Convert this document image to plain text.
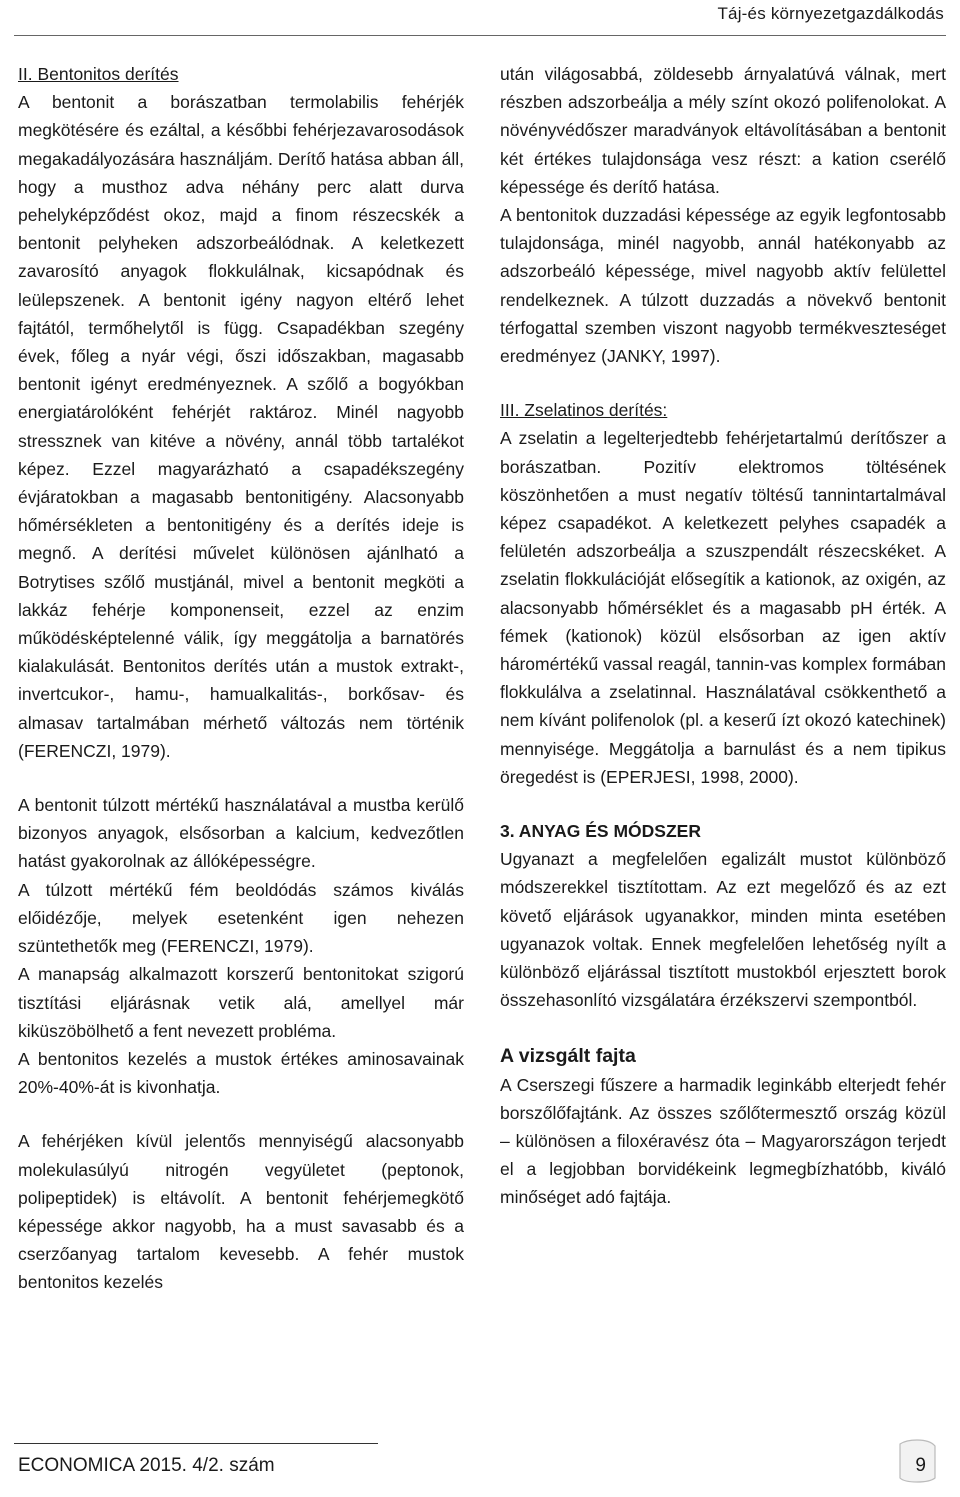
Táj-és környezetgazdálkodás

II. Bentonitos derítés

A bentonit a borászatban termolabilis fehérjék megkötésére és ezáltal, a későbbi fehérjezavarosodások megakadályozására használjám. Derítő hatása abban áll, hogy a musthoz adva néhány perc alatt durva pehelyképződést okoz, majd a finom részecskék a bentonit pelyheken adszorbeálódnak. A keletkezett zavarosító anyagok flokkulálnak, kicsapódnak és leülepszenek. A bentonit igény nagyon eltérő lehet fajtától, termőhelytől is függ. Csapadékban szegény évek, főleg a nyár végi, őszi időszakban, magasabb bentonit igényt eredményeznek. A szőlő a bogyókban energiatárolóként fehérjét raktároz. Minél nagyobb stressznek van kitéve a növény, annál több tartalékot képez. Ezzel magyarázható a csapadékszegény évjáratokban a magasabb bentonitigény. Alacsonyabb hőmérsékleten a bentonitigény és a derítés ideje is megnő. A derítési művelet különösen ajánlható a Botrytises szőlő mustjánál, mivel a bentonit megköti a lakkáz fehérje komponenseit, ezzel az enzim működésképtelenné válik, így meggátolja a barnatörés kialakulását. Bentonitos derítés után a mustok extrakt-, invertcukor-, hamu-, hamualkalitás-, borkősav- és almasav tartalmában mérhető változás nem történik (FERENCZI, 1979).

A bentonit túlzott mértékű használatával a mustba kerülő bizonyos anyagok, elsősorban a kalcium, kedvezőtlen hatást gyakorolnak az állóképességre.

A túlzott mértékű fém beoldódás számos kiválás előidézője, melyek esetenként igen nehezen szüntethetők meg (FERENCZI, 1979).

A manapság alkalmazott korszerű bentonitokat szigorú tisztítási eljárásnak vetik alá, amellyel már kiküszöbölhető a fent nevezett probléma.

A bentonitos kezelés a mustok értékes aminosavainak 20%-40%-át is kivonhatja.

A fehérjéken kívül jelentős mennyiségű alacsonyabb molekulasúlyú nitrogén vegyületet (peptonok, polipeptidek) is eltávolít. A bentonit fehérjemegkötő képessége akkor nagyobb, ha a must savasabb és a cserzőanyag tartalom kevesebb. A fehér mustok bentonitos kezelés

után világosabbá, zöldesebb árnyalatúvá válnak, mert részben adszorbeálja a mély színt okozó polifenolokat. A növényvédőszer maradványok eltávolításában a bentonit két értékes tulajdonsága vesz részt: a kation cserélő képessége és derítő hatása.

A bentonitok duzzadási képessége az egyik legfontosabb tulajdonsága, minél nagyobb, annál hatékonyabb az adszorbeáló képessége, mivel nagyobb aktív felülettel rendelkeznek. A túlzott duzzadás a növekvő bentonit térfogattal szemben viszont nagyobb termékveszteséget eredményez (JANKY, 1997).

III. Zselatinos derítés:

A zselatin a legelterjedtebb fehérjetartalmú derítőszer a borászatban. Pozitív elektromos töltésének köszönhetően a must negatív töltésű tannintartalmával képez csapadékot. A keletkezett pelyhes csapadék a felületén adszorbeálja a szuszpendált részecskéket. A zselatin flokkulációját elősegítik a kationok, az oxigén, az alacsonyabb hőmérséklet és a magasabb pH érték. A fémek (kationok) közül elsősorban az igen aktív háromértékű vassal reagál, tannin-vas komplex formában flokkulálva a zselatinnal. Használatával csökkenthető a nem kívánt polifenolok (pl. a keserű ízt okozó katechinek) mennyisége. Meggátolja a barnulást és a nem tipikus öregedést is (EPERJESI, 1998, 2000).

3. ANYAG ÉS MÓDSZER

Ugyanazt a megfelelően egalizált mustot különböző módszerekkel tisztítottam. Az ezt megelőző és az ezt követő eljárások ugyanakkor, minden minta esetében ugyanazok voltak. Ennek megfelelően lehetőség nyílt a különböző eljárással tisztított mustokból erjesztett borok összehasonlító vizsgálatára érzékszervi szempontból.

A vizsgált fajta

A Cserszegi fűszere a harmadik leginkább elterjedt fehér borszőlőfajtánk. Az összes szőlőtermesztő ország közül – különösen a filoxéravész óta – Magyarországon terjedt el a legjobban borvidékeink legmegbízhatóbb, kiváló minőséget adó fajtája.

ECONOMICA 2015. 4/2. szám	9
